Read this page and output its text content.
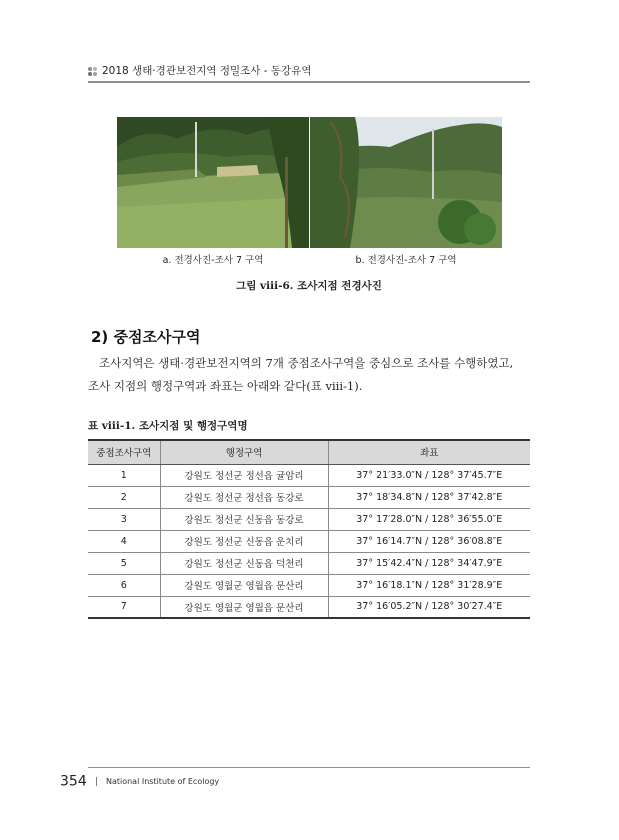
2018 생태·경관보전지역 정밀조사 - 동강유역
a. 전경사진-조사 7 구역	b. 전경사진-조사 7 구역
그림 ⅷ-6. 조사지점 전경사진
2) 중점조사구역

조사지역은 생태·경관보전지역의 7개 중점조사구역을 중심으로 조사를 수행하였고,

조사 지점의 행정구역과 좌표는 아래와 같다(표 ⅷ-1).

표 ⅷ-1. 조사지점 및 행정구역명
중점조사구역	행정구역	좌표
1	강원도 정선군 정선읍 귤암리	37° 21′33.0″N / 128° 37′45.7″E
2	강원도 정선군 정선읍 동강로	37° 18′34.8″N / 128° 37′42.8″E
3	강원도 정선군 신동읍 동강로	37° 17′28.0″N / 128° 36′55.0″E
4	강원도 정선군 신동읍 운치리	37° 16′14.7″N / 128° 36′08.8″E
5	강원도 정선군 신동읍 덕천리	37° 15′42.4″N / 128° 34′47.9″E
6	강원도 영월군 영월읍 문산리	37° 16′18.1″N / 128° 31′28.9″E
7	강원도 영월군 영월읍 문산리	37° 16′05.2″N / 128° 30′27.4″E
354 | National Institute of Ecology
